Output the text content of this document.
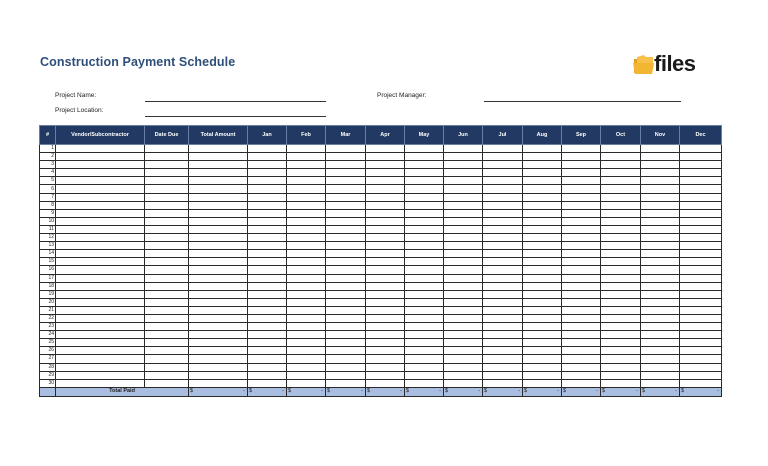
Construction Payment Schedule	files
Project Name:
Project Location:
Project Manager:
#	Vendor/Subcontractor	Date Due	Total Amount	Jan	Feb	Mar	Apr	May	Jun	Jul	Aug	Sep	Oct	Nov	Dec
1															
2															
3															
4															
5															
6															
7															
8															
9															
10															
11															
12															
13															
14															
15															
16															
17															
18															
19															
20															
21															
22															
23															
24															
25															
26															
27															
28															
29															
30															
	Total Paid		$ -	$ -	$ -	$ -	$ -	$ -	$ -	$ -	$ -	$ -	$ -	$ -	$ -
